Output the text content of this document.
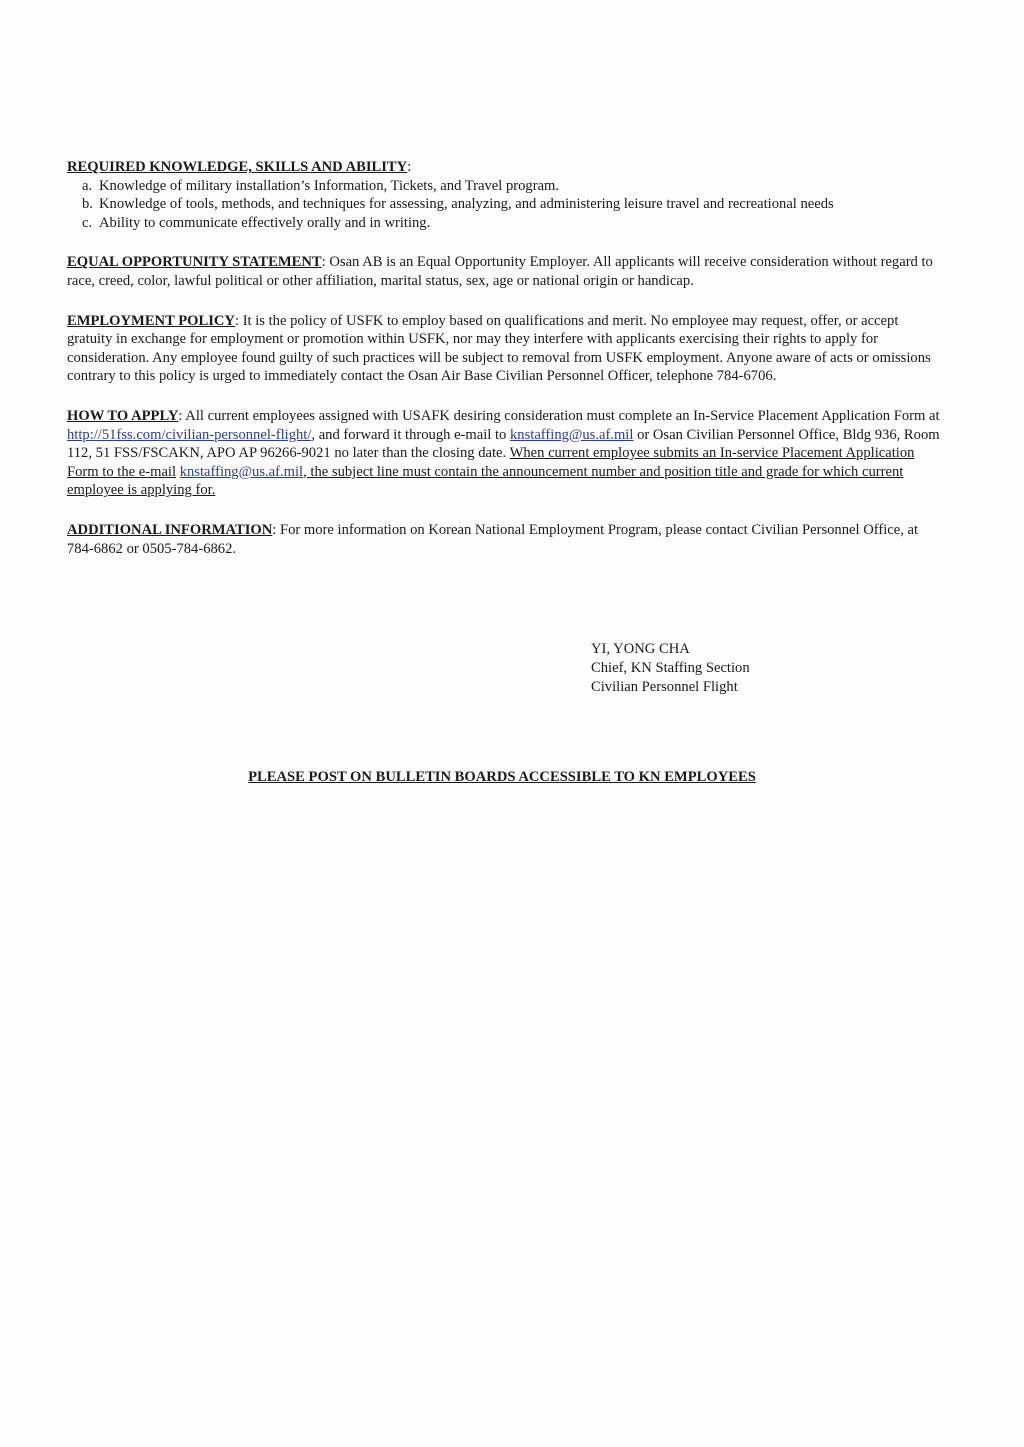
REQUIRED KNOWLEDGE, SKILLS AND ABILITY:
a. Knowledge of military installation’s Information, Tickets, and Travel program.
b. Knowledge of tools, methods, and techniques for assessing, analyzing, and administering leisure travel and recreational needs
c. Ability to communicate effectively orally and in writing.
EQUAL OPPORTUNITY STATEMENT: Osan AB is an Equal Opportunity Employer. All applicants will receive consideration without regard to race, creed, color, lawful political or other affiliation, marital status, sex, age or national origin or handicap.
EMPLOYMENT POLICY: It is the policy of USFK to employ based on qualifications and merit. No employee may request, offer, or accept gratuity in exchange for employment or promotion within USFK, nor may they interfere with applicants exercising their rights to apply for consideration. Any employee found guilty of such practices will be subject to removal from USFK employment. Anyone aware of acts or omissions contrary to this policy is urged to immediately contact the Osan Air Base Civilian Personnel Officer, telephone 784-6706.
HOW TO APPLY: All current employees assigned with USAFK desiring consideration must complete an In-Service Placement Application Form at http://51fss.com/civilian-personnel-flight/, and forward it through e-mail to knstaffing@us.af.mil or Osan Civilian Personnel Office, Bldg 936, Room 112, 51 FSS/FSCAKN, APO AP 96266-9021 no later than the closing date. When current employee submits an In-service Placement Application Form to the e-mail knstaffing@us.af.mil, the subject line must contain the announcement number and position title and grade for which current employee is applying for.
ADDITIONAL INFORMATION: For more information on Korean National Employment Program, please contact Civilian Personnel Office, at 784-6862 or 0505-784-6862.
YI, YONG CHA
Chief, KN Staffing Section
Civilian Personnel Flight
PLEASE POST ON BULLETIN BOARDS ACCESSIBLE TO KN EMPLOYEES
